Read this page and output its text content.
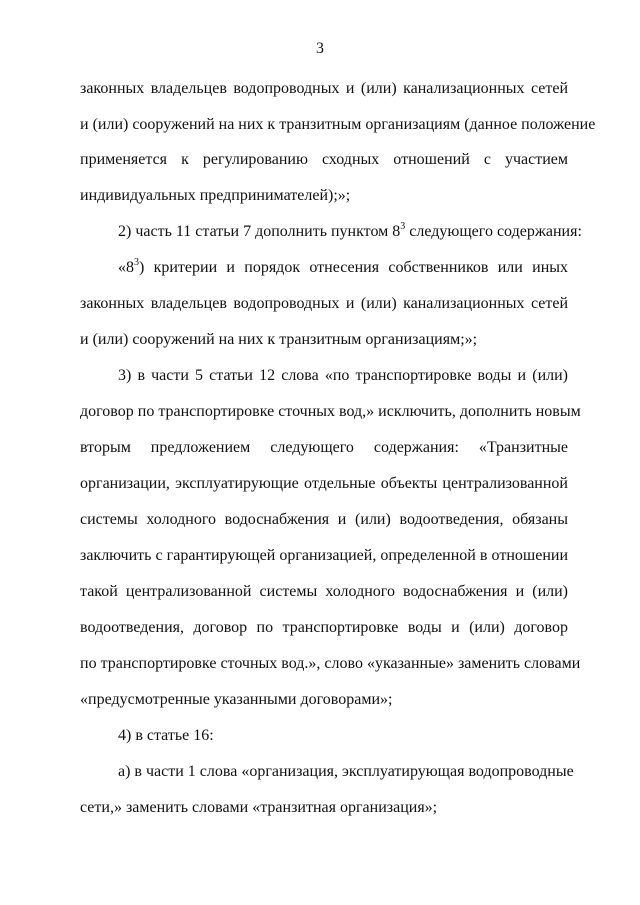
3
законных владельцев водопроводных и (или) канализационных сетей
и (или) сооружений на них к транзитным организациям (данное положение
применяется к регулированию сходных отношений с участием
индивидуальных предпринимателей);»;
2) часть 11 статьи 7 дополнить пунктом $8^3$ следующего содержания:
«$8^3$) критерии и порядок отнесения собственников или иных
законных владельцев водопроводных и (или) канализационных сетей
и (или) сооружений на них к транзитным организациям;»;
3) в части 5 статьи 12 слова «по транспортировке воды и (или)
договор по транспортировке сточных вод,» исключить, дополнить новым
вторым предложением следующего содержания: «Транзитные
организации, эксплуатирующие отдельные объекты централизованной
системы холодного водоснабжения и (или) водоотведения, обязаны
заключить с гарантирующей организацией, определенной в отношении
такой централизованной системы холодного водоснабжения и (или)
водоотведения, договор по транспортировке воды и (или) договор
по транспортировке сточных вод.», слово «указанные» заменить словами
«предусмотренные указанными договорами»;
4) в статье 16:
а) в части 1 слова «организация, эксплуатирующая водопроводные
сети,» заменить словами «транзитная организация»;
